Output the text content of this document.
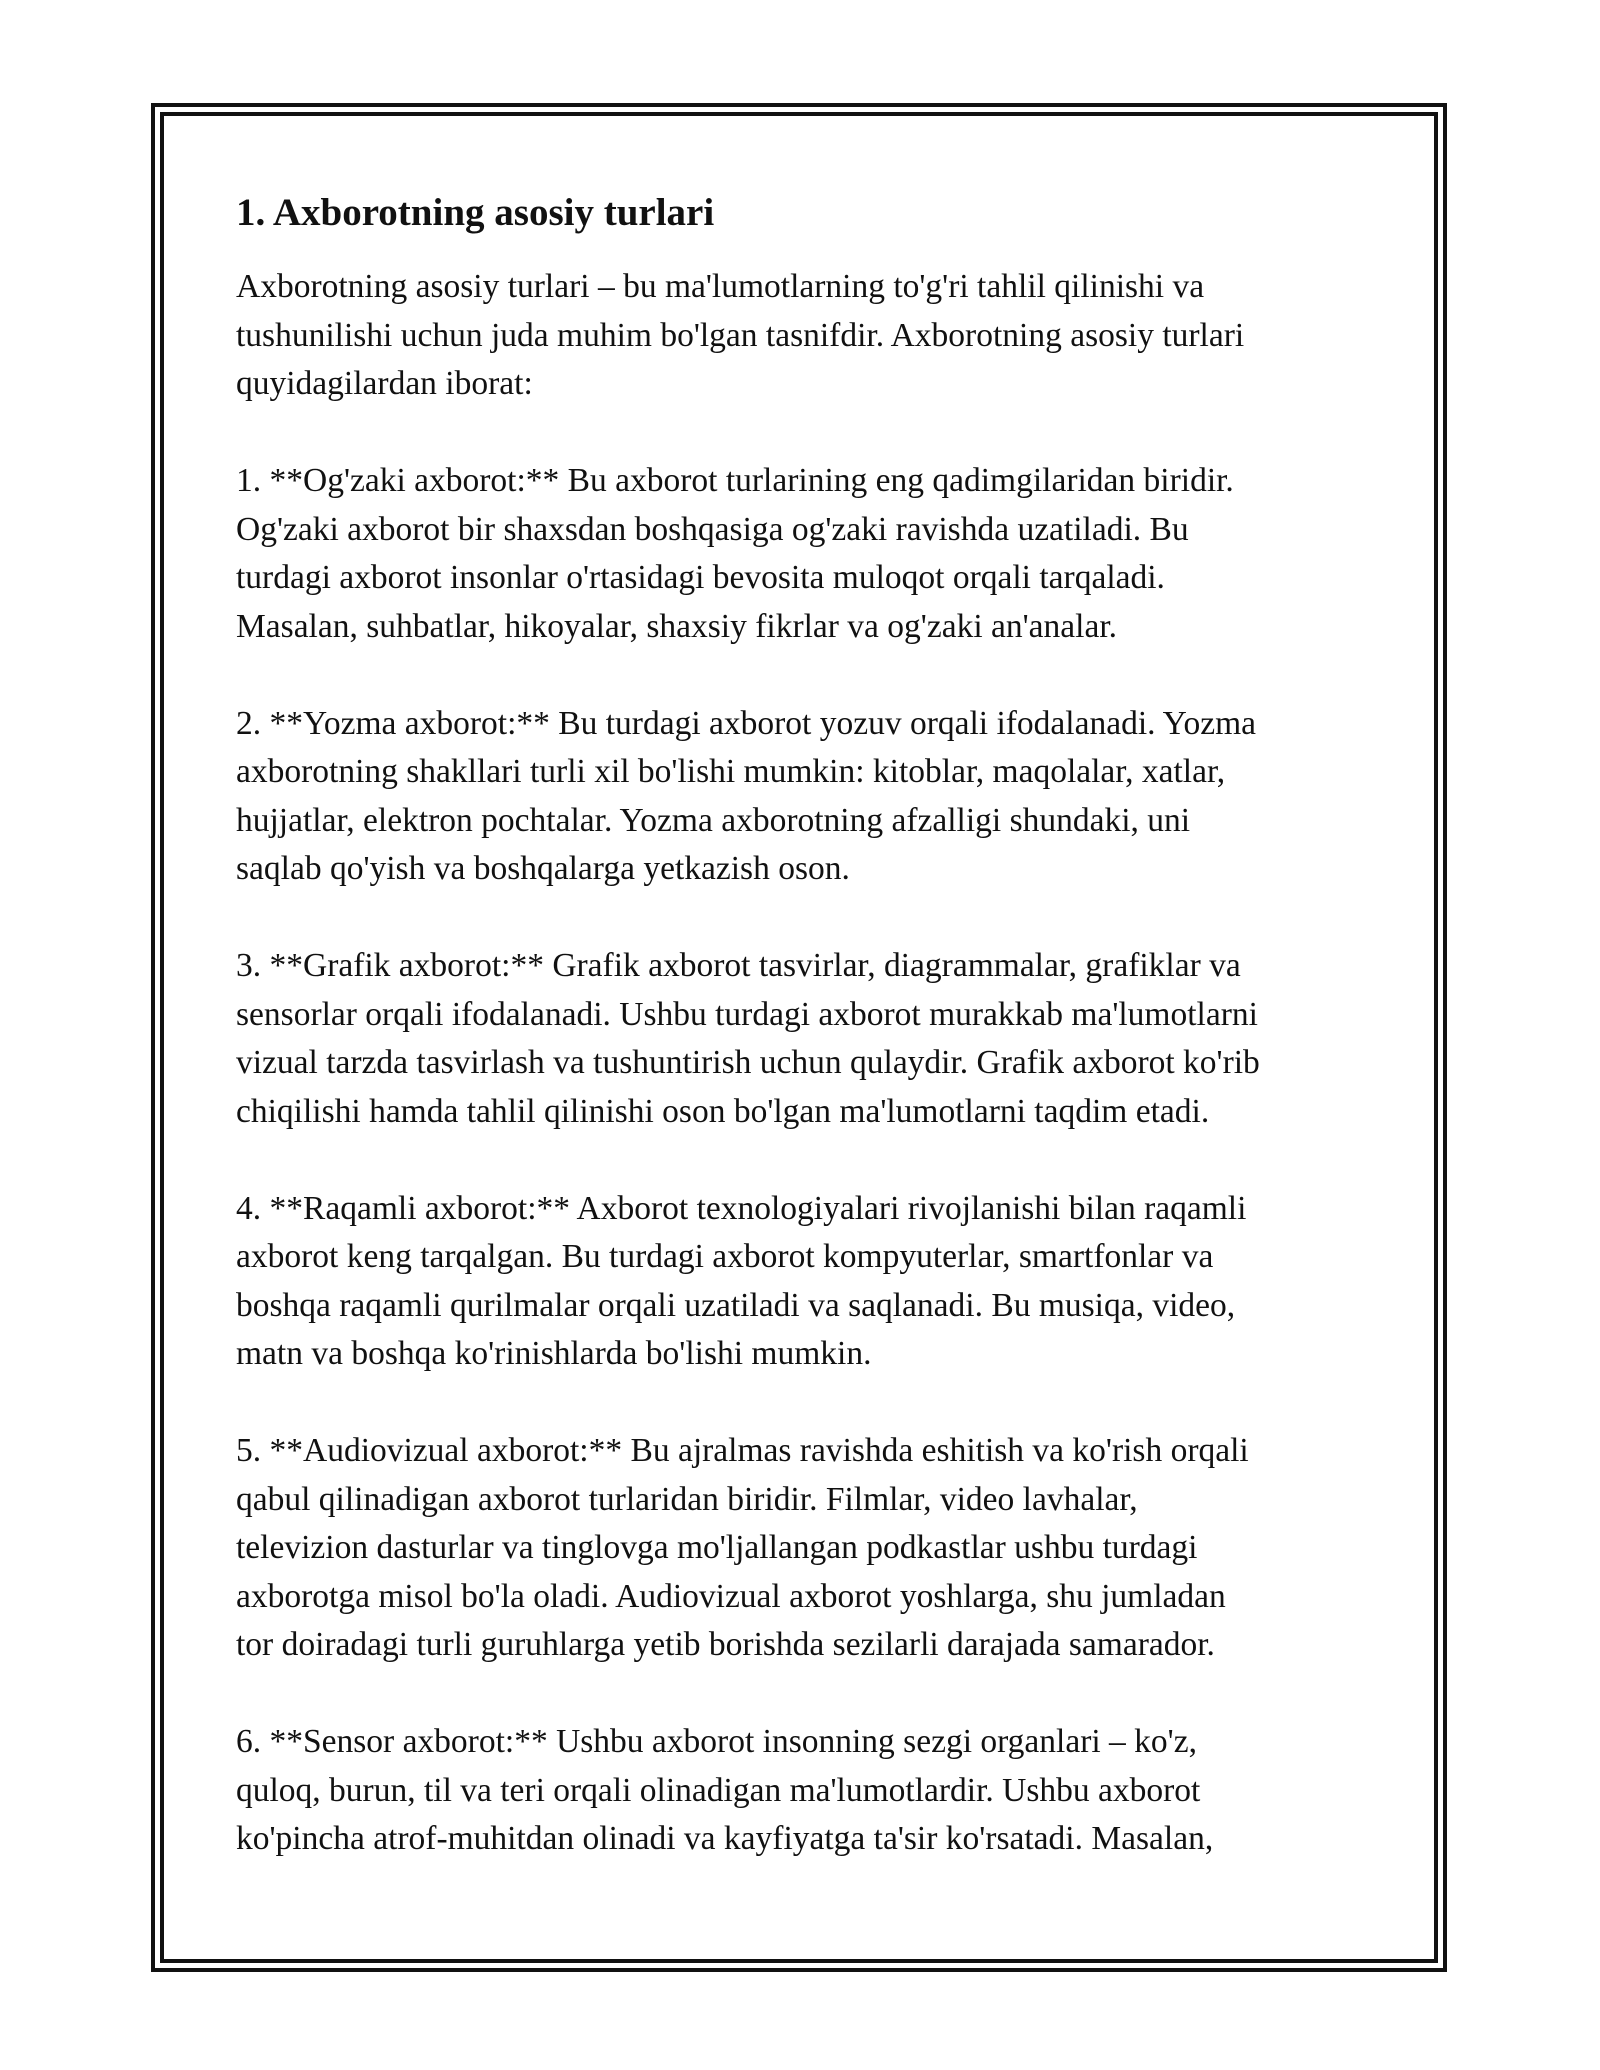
1. Axborotning asosiy turlari

Axborotning asosiy turlari – bu ma'lumotlarning to'g'ri tahlil qilinishi va
tushunilishi uchun juda muhim bo'lgan tasnifdir. Axborotning asosiy turlari
quyidagilardan iborat:

1. **Og'zaki axborot:** Bu axborot turlarining eng qadimgilaridan biridir.
Og'zaki axborot bir shaxsdan boshqasiga og'zaki ravishda uzatiladi. Bu
turdagi axborot insonlar o'rtasidagi bevosita muloqot orqali tarqaladi.
Masalan, suhbatlar, hikoyalar, shaxsiy fikrlar va og'zaki an'analar.

2. **Yozma axborot:** Bu turdagi axborot yozuv orqali ifodalanadi. Yozma
axborotning shakllari turli xil bo'lishi mumkin: kitoblar, maqolalar, xatlar,
hujjatlar, elektron pochtalar. Yozma axborotning afzalligi shundaki, uni
saqlab qo'yish va boshqalarga yetkazish oson.

3. **Grafik axborot:** Grafik axborot tasvirlar, diagrammalar, grafiklar va
sensorlar orqali ifodalanadi. Ushbu turdagi axborot murakkab ma'lumotlarni
vizual tarzda tasvirlash va tushuntirish uchun qulaydir. Grafik axborot ko'rib
chiqilishi hamda tahlil qilinishi oson bo'lgan ma'lumotlarni taqdim etadi.

4. **Raqamli axborot:** Axborot texnologiyalari rivojlanishi bilan raqamli
axborot keng tarqalgan. Bu turdagi axborot kompyuterlar, smartfonlar va
boshqa raqamli qurilmalar orqali uzatiladi va saqlanadi. Bu musiqa, video,
matn va boshqa ko'rinishlarda bo'lishi mumkin.

5. **Audiovizual axborot:** Bu ajralmas ravishda eshitish va ko'rish orqali
qabul qilinadigan axborot turlaridan biridir. Filmlar, video lavhalar,
televizion dasturlar va tinglovga mo'ljallangan podkastlar ushbu turdagi
axborotga misol bo'la oladi. Audiovizual axborot yoshlarga, shu jumladan
tor doiradagi turli guruhlarga yetib borishda sezilarli darajada samarador.

6. **Sensor axborot:** Ushbu axborot insonning sezgi organlari – ko'z,
quloq, burun, til va teri orqali olinadigan ma'lumotlardir. Ushbu axborot
ko'pincha atrof-muhitdan olinadi va kayfiyatga ta'sir ko'rsatadi. Masalan,
